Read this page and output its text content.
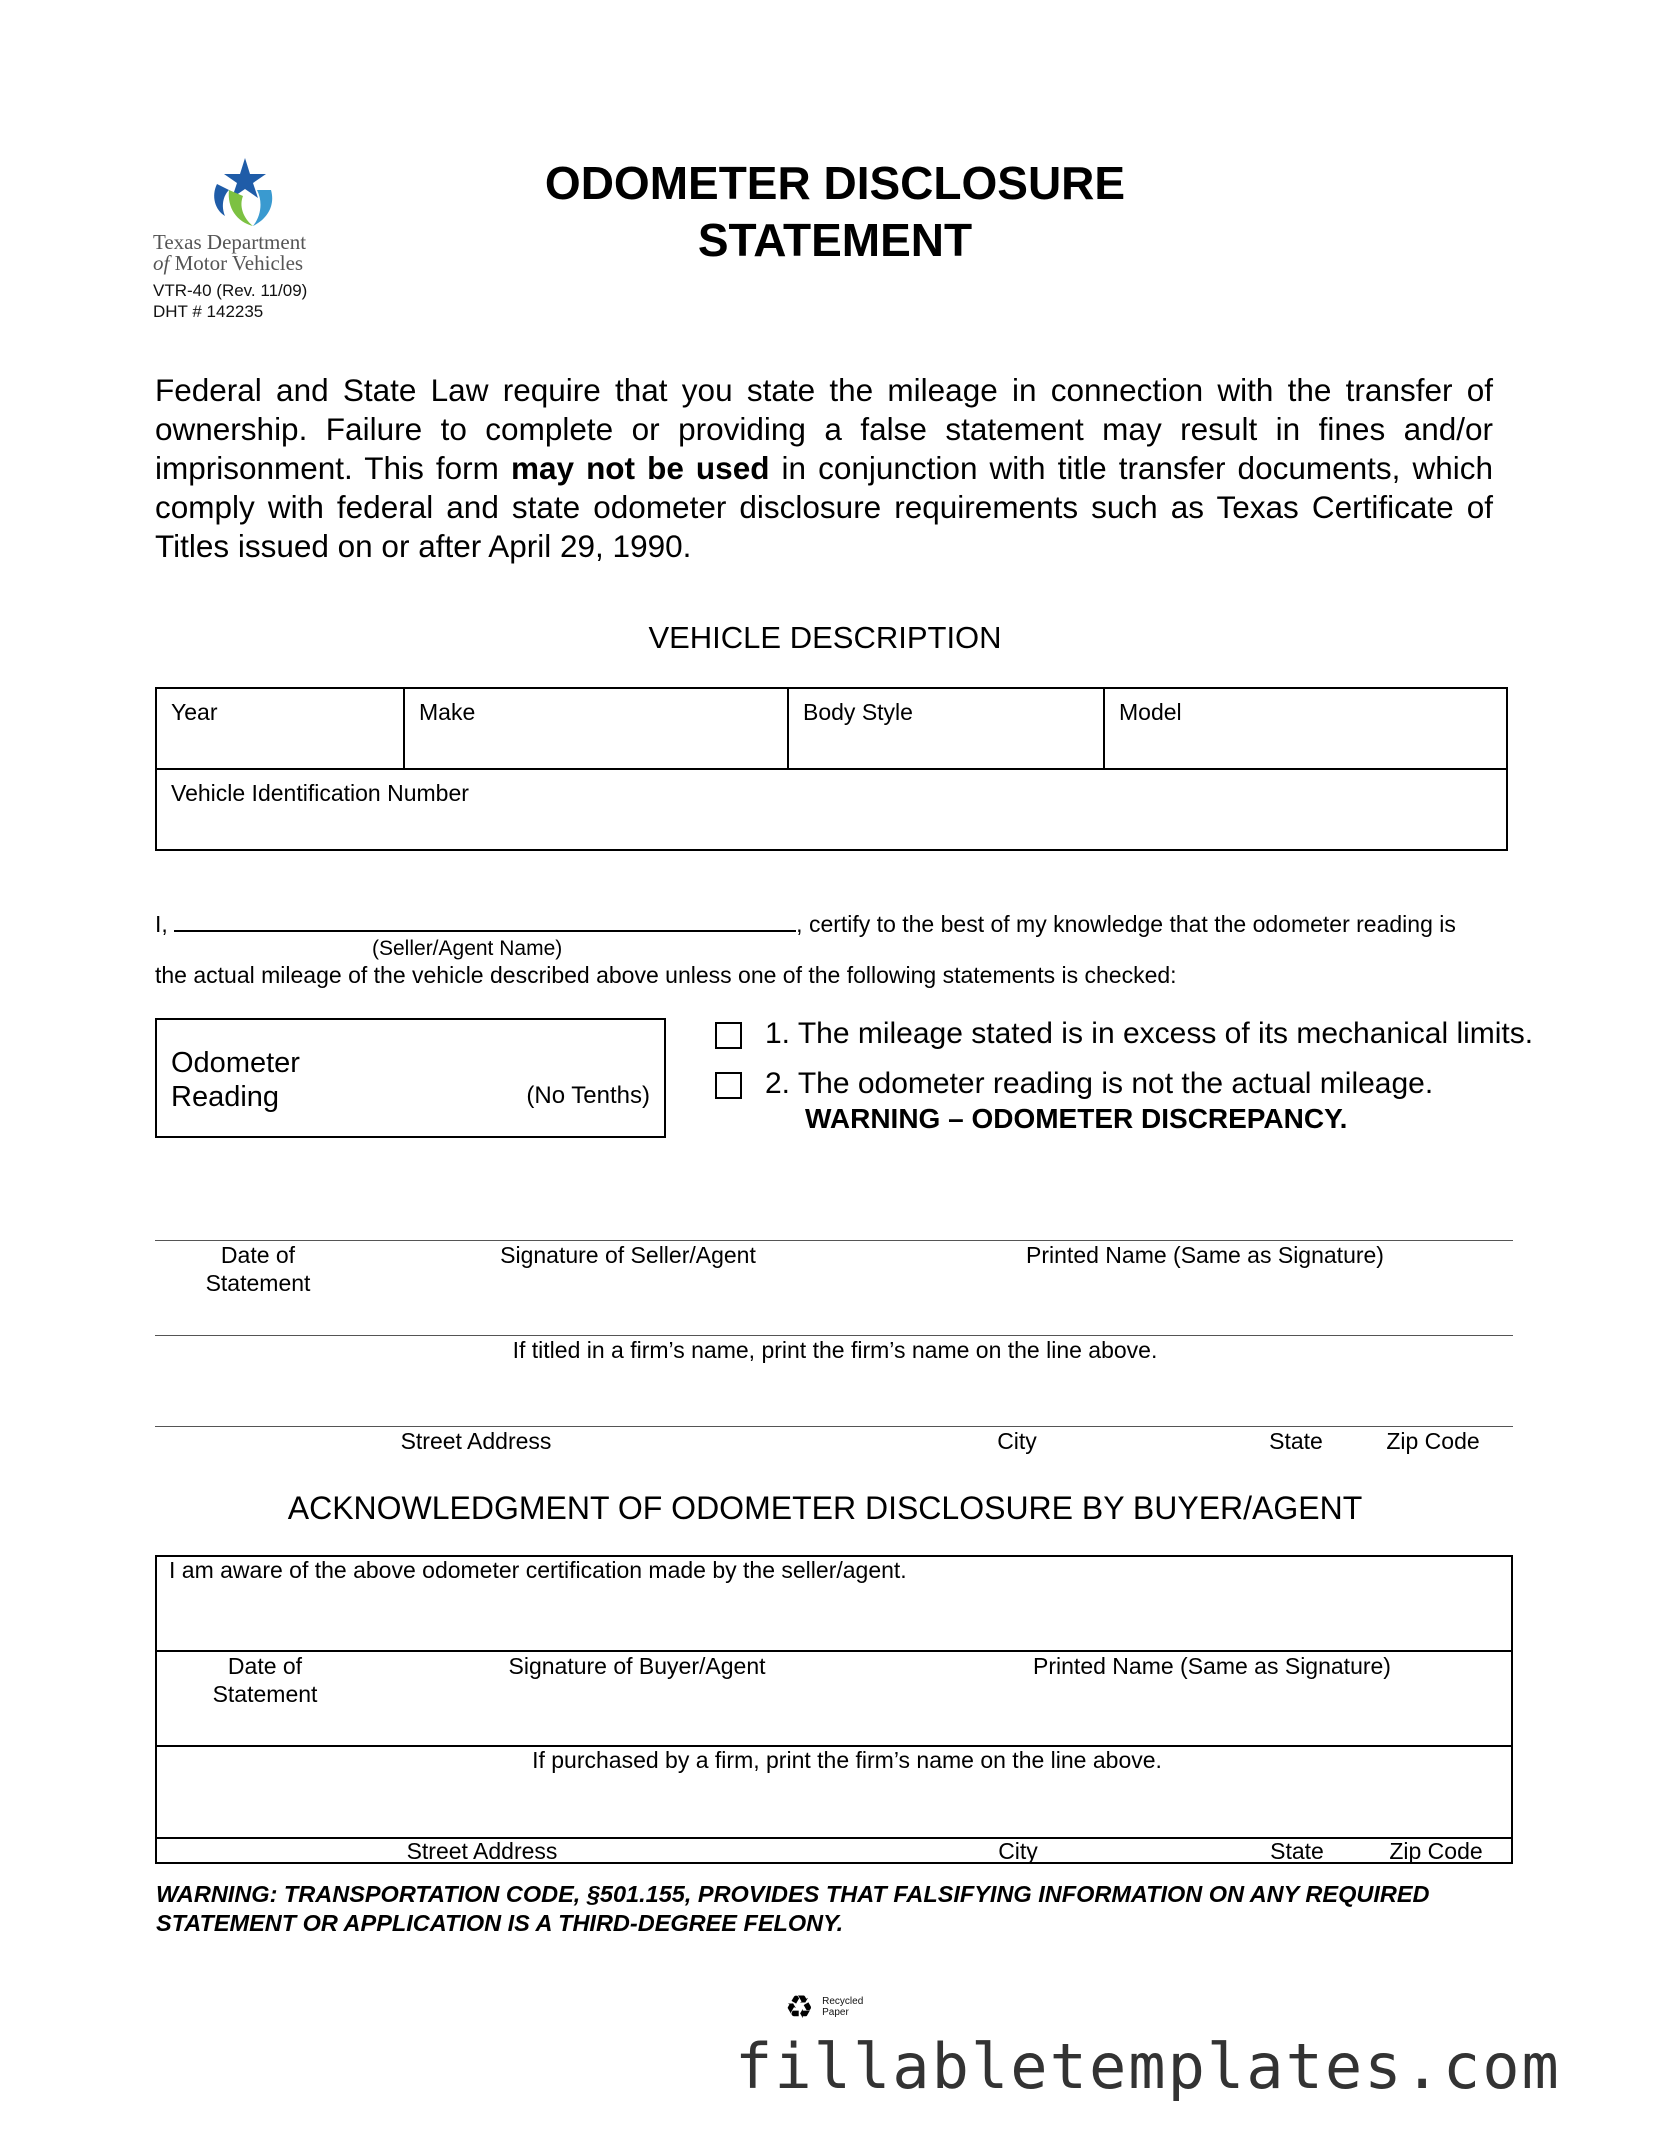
Texas Department
of Motor Vehicles
VTR-40 (Rev. 11/09)
DHT # 142235
ODOMETER DISCLOSURE
STATEMENT
Federal and State Law require that you state the mileage in connection with the transfer of ownership. Failure to complete or providing a false statement may result in fines and/or imprisonment. This form may not be used in conjunction with title transfer documents, which comply with federal and state odometer disclosure requirements such as Texas Certificate of Titles issued on or after April 29, 1990.
VEHICLE DESCRIPTION
Year	Make	Body Style	Model
Vehicle Identification Number
I,	, certify to the best of my knowledge that the odometer reading is
(Seller/Agent Name)
the actual mileage of the vehicle described above unless one of the following statements is checked:
Odometer
Reading	(No Tenths)
1. The mileage stated is in excess of its mechanical limits.
2. The odometer reading is not the actual mileage.
WARNING – ODOMETER DISCREPANCY.
Date of
Statement
Signature of Seller/Agent	Printed Name (Same as Signature)
If titled in a firm’s name, print the firm’s name on the line above.
Street Address	City	State	Zip Code
ACKNOWLEDGMENT OF ODOMETER DISCLOSURE BY BUYER/AGENT
I am aware of the above odometer certification made by the seller/agent.
Date of
Statement
Signature of Buyer/Agent	Printed Name (Same as Signature)
If purchased by a firm, print the firm’s name on the line above.
Street Address	City	State	Zip Code
WARNING: TRANSPORTATION CODE, §501.155, PROVIDES THAT FALSIFYING INFORMATION ON ANY REQUIRED STATEMENT OR APPLICATION IS A THIRD-DEGREE FELONY.
♻ Recycled
Paper
fillabletemplates.com
